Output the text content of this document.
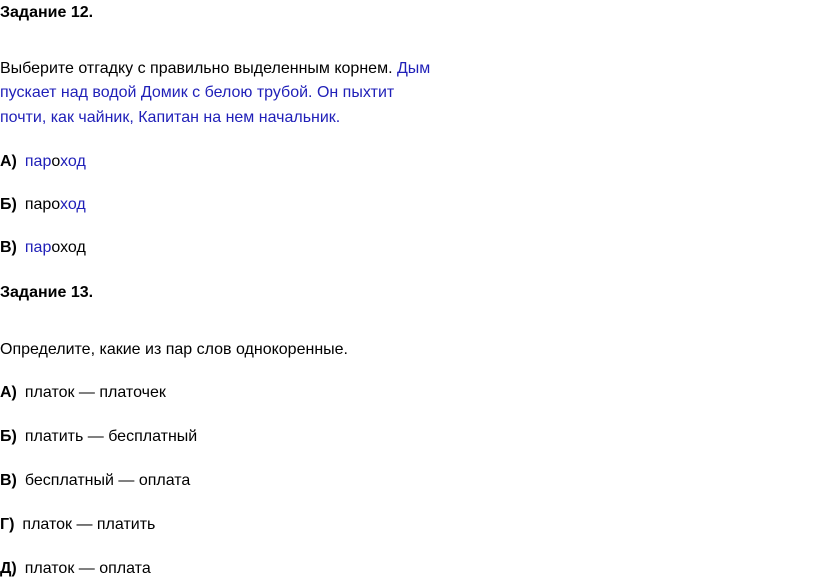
Задание 12.
Выберите отгадку с правильно выделенным корнем. Дым
пускает над водой Домик с белою трубой. Он пыхтит
почти, как чайник, Капитан на нем начальник.
А) пароход
Б) пароход
В) пароход
Задание 13.
Определите, какие из пар слов однокоренные.
А) платок — платочек
Б) платить — бесплатный
В) бесплатный — оплата
Г) платок — платить
Д) платок — оплата
